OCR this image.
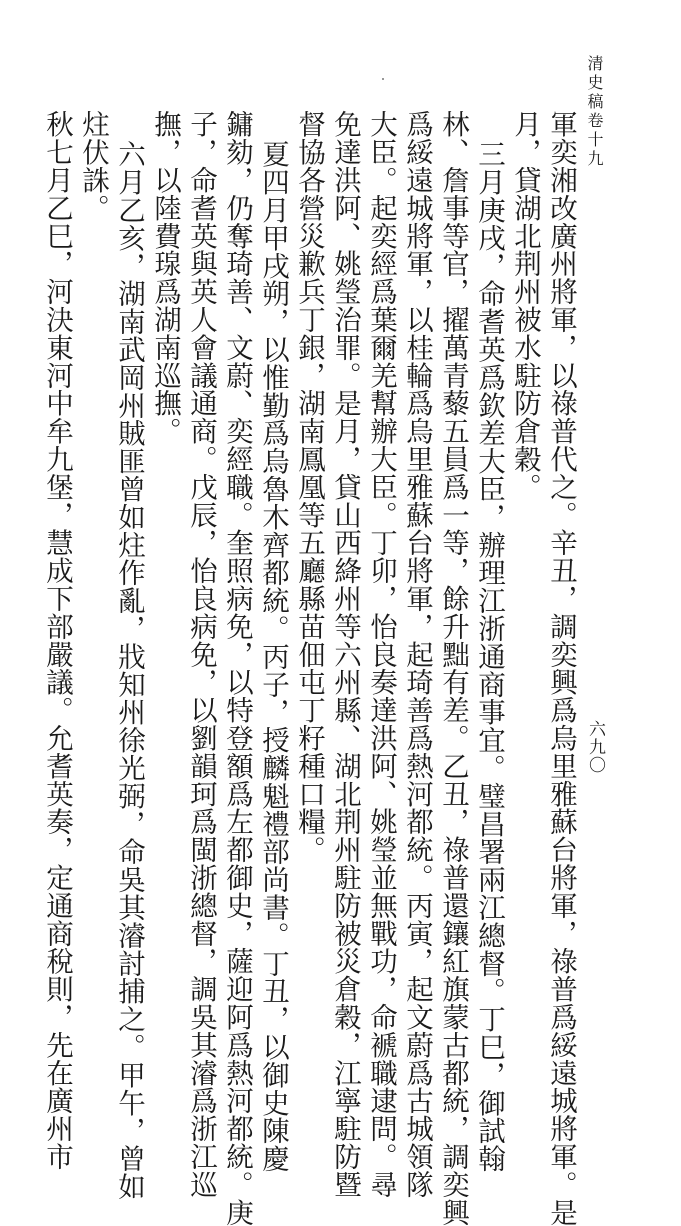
清史稿卷十九
六九〇
軍奕湘改廣州將軍，以祿普代之。辛丑，調奕興爲烏里雅蘇台將軍，祿普爲綏遠城將軍。是
月，貸湖北荆州被水駐防倉穀。
三月庚戌，命耆英爲欽差大臣，辦理江浙通商事宜。璧昌署兩江總督。丁巳，御試翰
林、詹事等官，擢萬青藜五員爲一等，餘升黜有差。乙丑，祿普還鑲紅旗蒙古都統，調奕興
爲綏遠城將軍，以桂輪爲烏里雅蘇台將軍，起琦善爲熱河都統。丙寅，起文蔚爲古城領隊
大臣。起奕經爲葉爾羌幫辦大臣。丁卯，怡良奏達洪阿、姚瑩並無戰功，命褫職逮問。尋
免達洪阿、姚瑩治罪。是月，貸山西絳州等六州縣、湖北荆州駐防被災倉穀，江寧駐防暨
督協各營災歉兵丁銀，湖南鳳凰等五廳縣苗佃屯丁籽種口糧。
夏四月甲戌朔，以惟勤爲烏魯木齊都統。丙子，授麟魁禮部尚書。丁丑，以御史陳慶
鏞劾，仍奪琦善、文蔚、奕經職。奎照病免，以特登額爲左都御史，薩迎阿爲熱河都統。庚
子，命耆英與英人會議通商。戊辰，怡良病免，以劉韻珂爲閩浙總督，調吳其濬爲浙江巡
撫，以陸費瑔爲湖南巡撫。
六月乙亥，湖南武岡州賊匪曾如炷作亂，戕知州徐光弼，命吳其濬討捕之。甲午，曾如
炷伏誅。
秋七月乙巳，河決東河中牟九堡，慧成下部嚴議。允耆英奏，定通商稅則，先在廣州市
